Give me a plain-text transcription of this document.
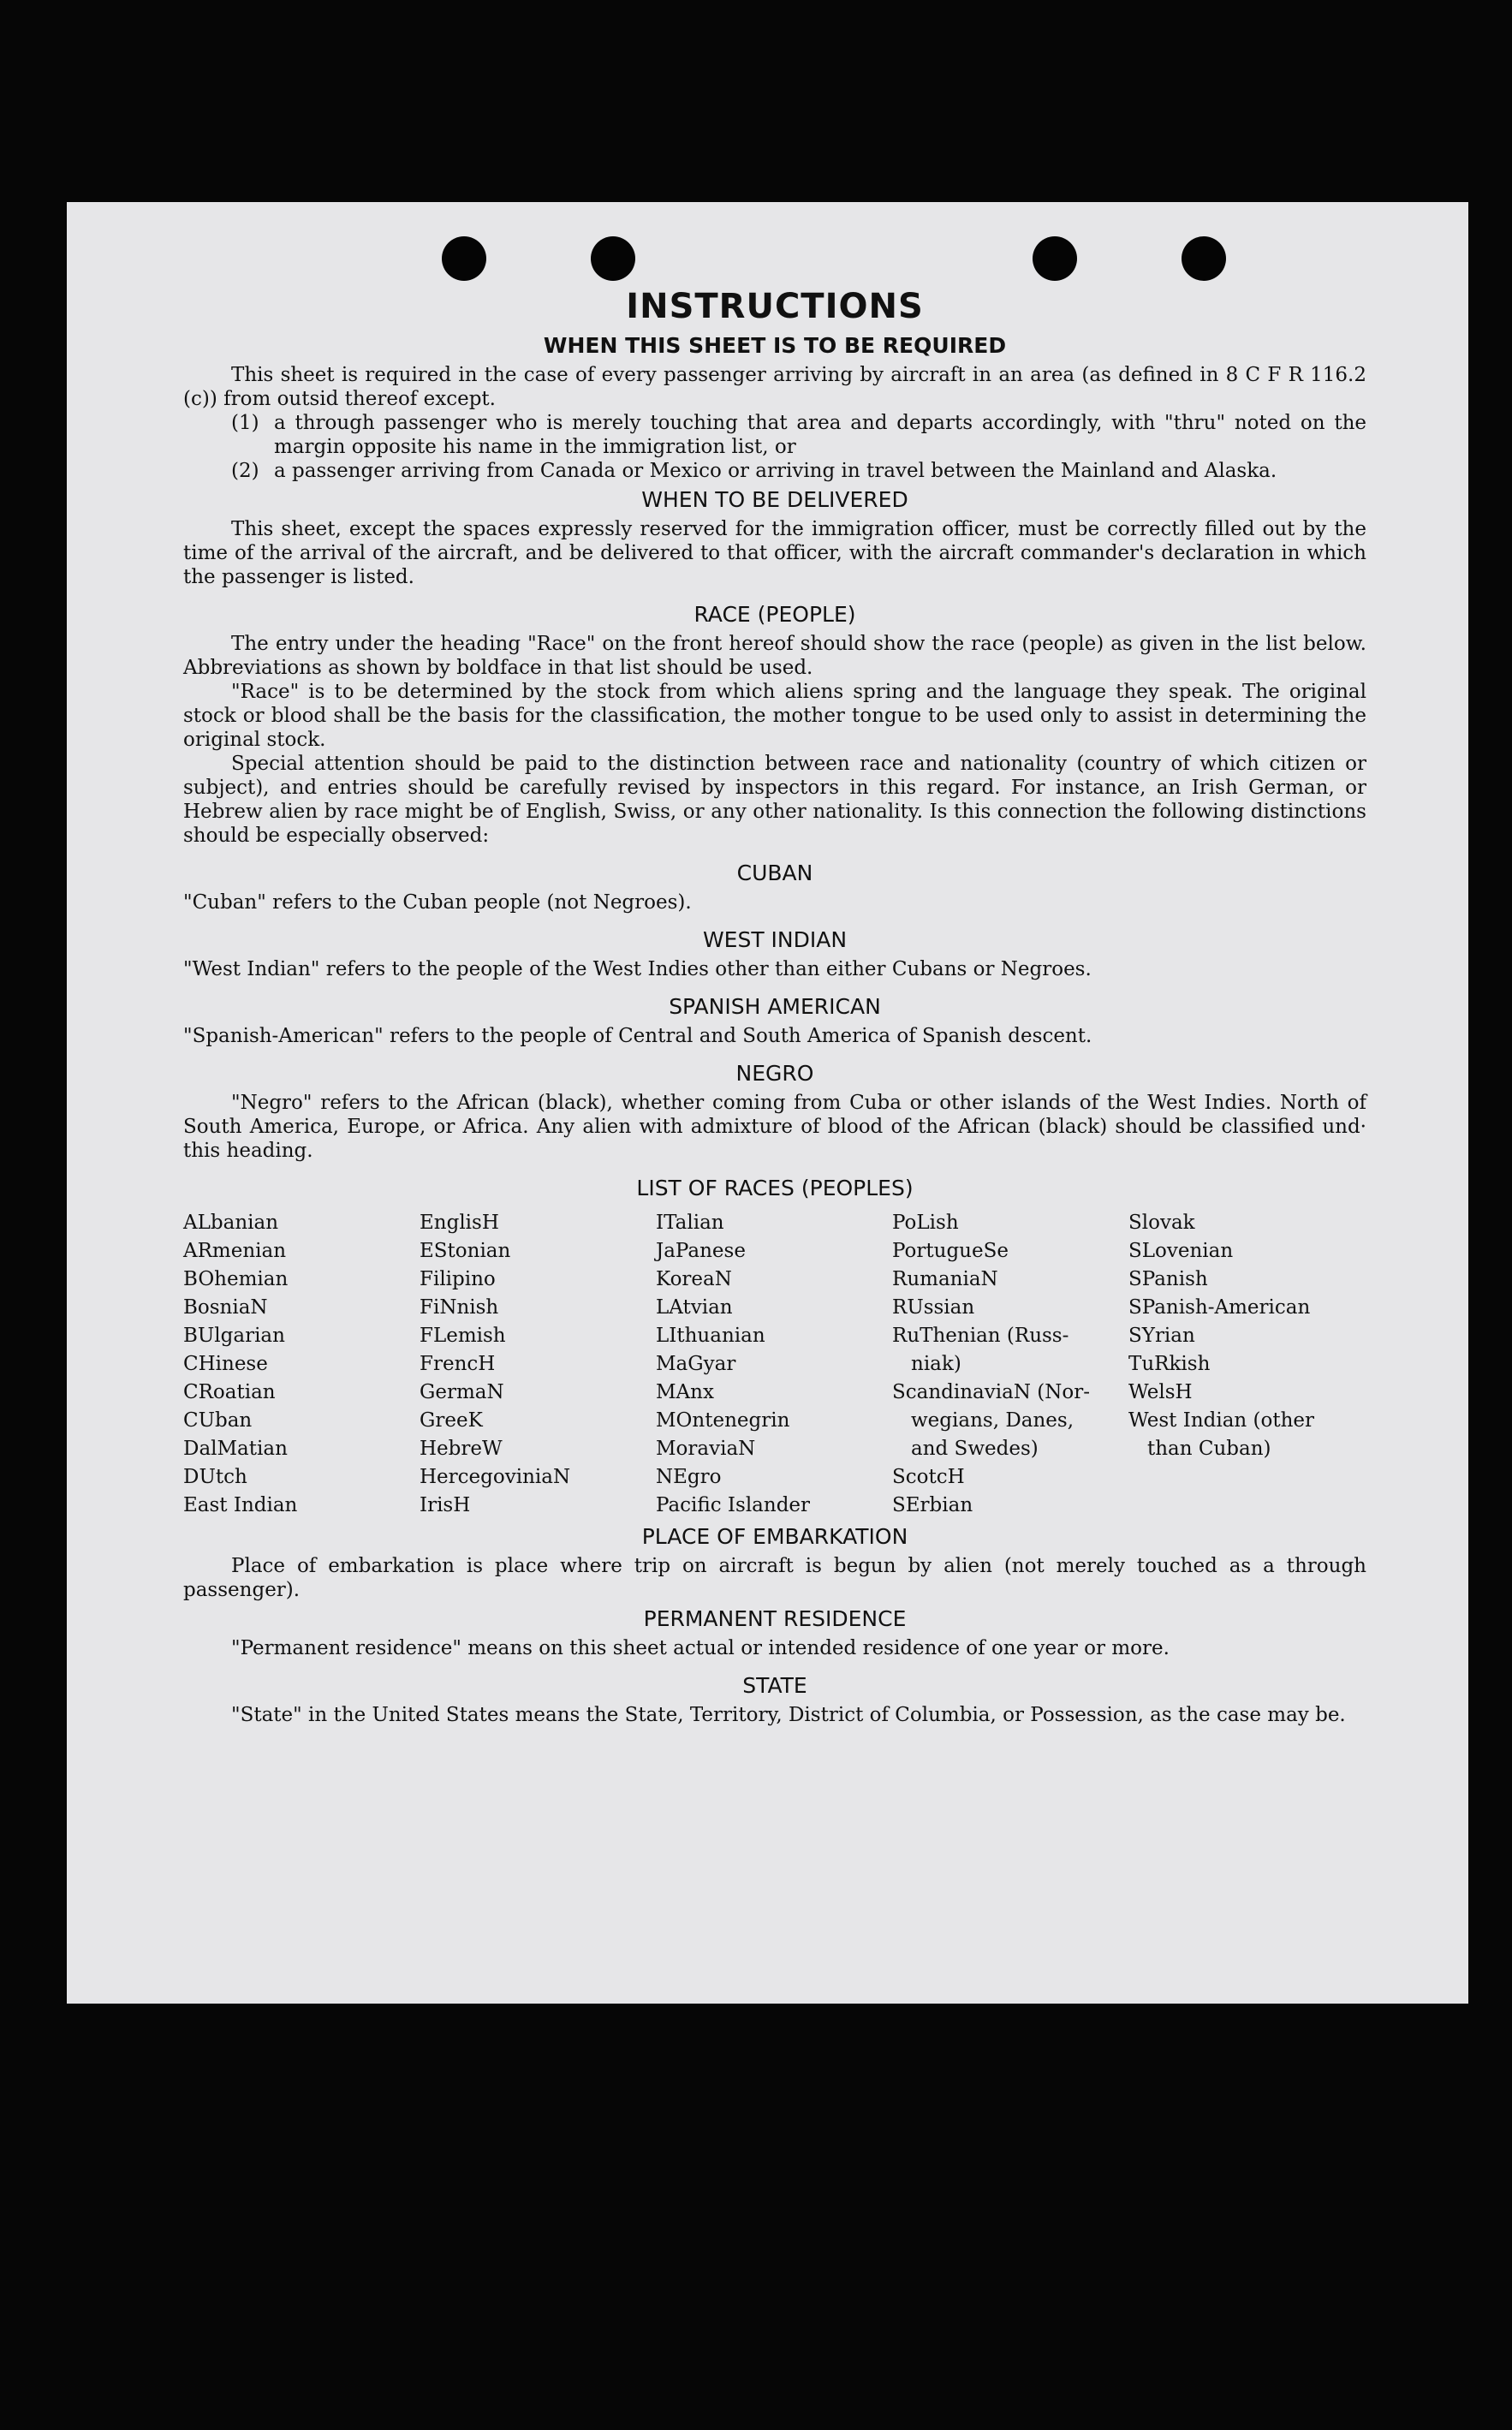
INSTRUCTIONS
WHEN THIS SHEET IS TO BE REQUIRED

This sheet is required in the case of every passenger arriving by aircraft in an area (as defined in 8 C F R 116.2 (c)) from outsid thereof except.

(1) a through passenger who is merely touching that area and departs accordingly, with "thru" noted on the margin opposite his name in the immigration list, or
(2) a passenger arriving from Canada or Mexico or arriving in travel between the Mainland and Alaska.
WHEN TO BE DELIVERED

This sheet, except the spaces expressly reserved for the immigration officer, must be correctly filled out by the time of the arrival of the aircraft, and be delivered to that officer, with the aircraft commander's declaration in which the passenger is listed.

RACE (PEOPLE)

The entry under the heading "Race" on the front hereof should show the race (people) as given in the list below. Abbreviations as shown by boldface in that list should be used.

"Race" is to be determined by the stock from which aliens spring and the language they speak. The original stock or blood shall be the basis for the classification, the mother tongue to be used only to assist in determining the original stock.

Special attention should be paid to the distinction between race and nationality (country of which citizen or subject), and entries should be carefully revised by inspectors in this regard. For instance, an Irish German, or Hebrew alien by race might be of English, Swiss, or any other nationality. Is this connection the following distinctions should be especially observed:

CUBAN

"Cuban" refers to the Cuban people (not Negroes).

WEST INDIAN

"West Indian" refers to the people of the West Indies other than either Cubans or Negroes.

SPANISH AMERICAN

"Spanish-American" refers to the people of Central and South America of Spanish descent.

NEGRO

"Negro" refers to the African (black), whether coming from Cuba or other islands of the West Indies. North of South America, Europe, or Africa. Any alien with admixture of blood of the African (black) should be classified und· this heading.

LIST OF RACES (PEOPLES)
ALbanian
ARmenian
BOhemian
BosniaN
BUlgarian
CHinese
CRoatian
CUban
DalMatian
DUtch
East Indian
EnglisH
EStonian
Filipino
FiNnish
FLemish
FrencH
GermaN
GreeK
HebreW
HercegoviniaN
IrisH
ITalian
JaPanese
KoreaN
LAtvian
LIthuanian
MaGyar
MAnx
MOntenegrin
MoraviaN
NEgro
Pacific Islander
PoLish
PortugueSe
RumaniaN
RUssian
RuThenian (Russ-
niak)
ScandinaviaN (Nor-
wegians, Danes,
and Swedes)
ScotcH
SErbian
Slovak
SLovenian
SPanish
SPanish-American
SYrian
TuRkish
WelsH
West Indian (other
than Cuban)
PLACE OF EMBARKATION

Place of embarkation is place where trip on aircraft is begun by alien (not merely touched as a through passenger).

PERMANENT RESIDENCE

"Permanent residence" means on this sheet actual or intended residence of one year or more.

STATE

"State" in the United States means the State, Territory, District of Columbia, or Possession, as the case may be.
